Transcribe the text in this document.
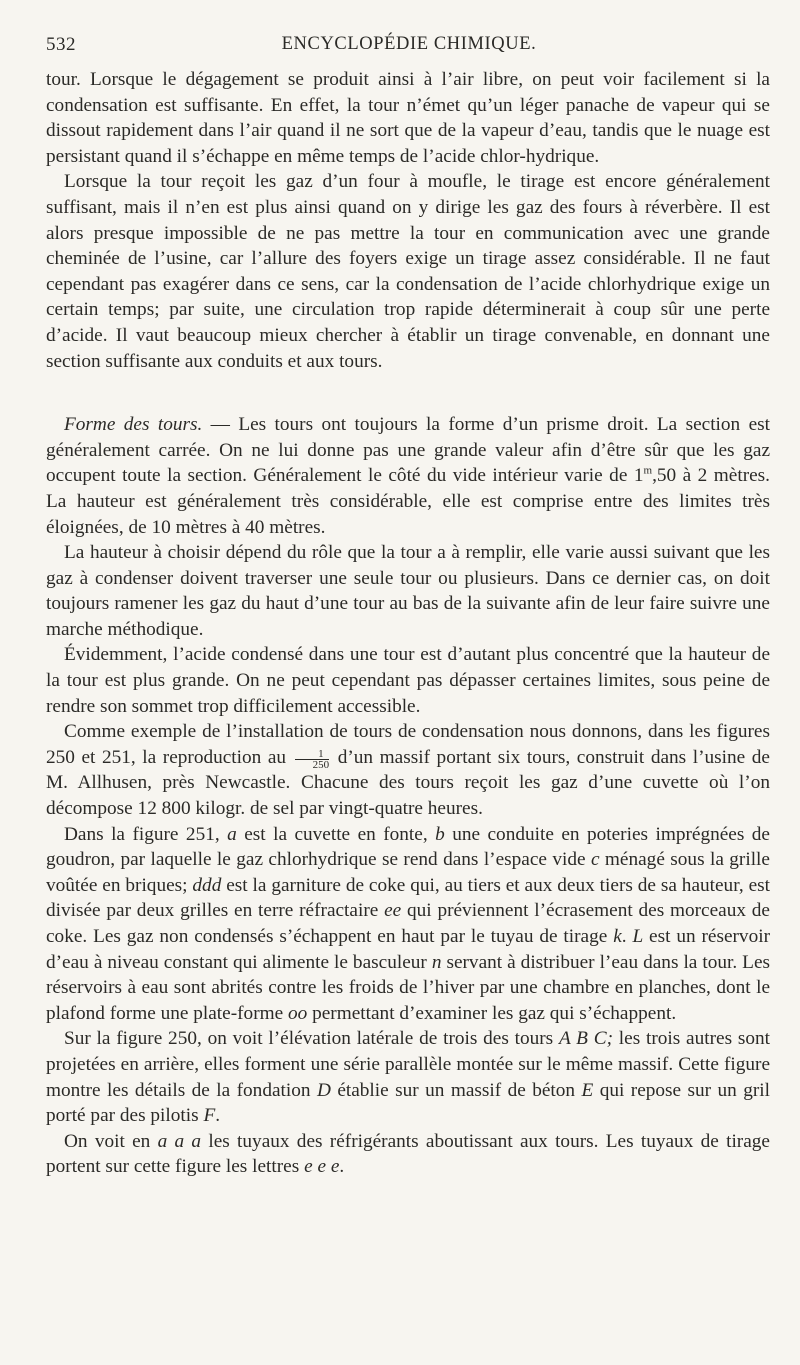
532	ENCYCLOPÉDIE CHIMIQUE.

tour. Lorsque le dégagement se produit ainsi à l’air libre, on peut voir facilement si la condensation est suffisante. En effet, la tour n’émet qu’un léger panache de vapeur qui se dissout rapidement dans l’air quand il ne sort que de la vapeur d’eau, tandis que le nuage est persistant quand il s’échappe en même temps de l’acide chlor-hydrique.

Lorsque la tour reçoit les gaz d’un four à moufle, le tirage est encore généralement suffisant, mais il n’en est plus ainsi quand on y dirige les gaz des fours à réverbère. Il est alors presque impossible de ne pas mettre la tour en communication avec une grande cheminée de l’usine, car l’allure des foyers exige un tirage assez considérable. Il ne faut cependant pas exagérer dans ce sens, car la condensation de l’acide chlorhydrique exige un certain temps; par suite, une circulation trop rapide déterminerait à coup sûr une perte d’acide. Il vaut beaucoup mieux chercher à établir un tirage convenable, en donnant une section suffisante aux conduits et aux tours.

Forme des tours. — Les tours ont toujours la forme d’un prisme droit. La section est généralement carrée. On ne lui donne pas une grande valeur afin d’être sûr que les gaz occupent toute la section. Généralement le côté du vide intérieur varie de 1$^m$,50 à 2 mètres. La hauteur est généralement très considérable, elle est comprise entre des limites très éloignées, de 10 mètres à 40 mètres.

La hauteur à choisir dépend du rôle que la tour a à remplir, elle varie aussi suivant que les gaz à condenser doivent traverser une seule tour ou plusieurs. Dans ce dernier cas, on doit toujours ramener les gaz du haut d’une tour au bas de la suivante afin de leur faire suivre une marche méthodique.

Évidemment, l’acide condensé dans une tour est d’autant plus concentré que la hauteur de la tour est plus grande. On ne peut cependant pas dépasser certaines limites, sous peine de rendre son sommet trop difficilement accessible.

Comme exemple de l’installation de tours de condensation nous donnons, dans les figures 250 et 251, la reproduction au $\frac{1}{250}$ d’un massif portant six tours, construit dans l’usine de M. Allhusen, près Newcastle. Chacune des tours reçoit les gaz d’une cuvette où l’on décompose 12 800 kilogr. de sel par vingt-quatre heures.

Dans la figure 251, a est la cuvette en fonte, b une conduite en poteries imprégnées de goudron, par laquelle le gaz chlorhydrique se rend dans l’espace vide c ménagé sous la grille voûtée en briques; ddd est la garniture de coke qui, au tiers et aux deux tiers de sa hauteur, est divisée par deux grilles en terre réfractaire ee qui préviennent l’écrasement des morceaux de coke. Les gaz non condensés s’échappent en haut par le tuyau de tirage k. L est un réservoir d’eau à niveau constant qui alimente le basculeur n servant à distribuer l’eau dans la tour. Les réservoirs à eau sont abrités contre les froids de l’hiver par une chambre en planches, dont le plafond forme une plate-forme oo permettant d’examiner les gaz qui s’échappent.

Sur la figure 250, on voit l’élévation latérale de trois des tours A B C; les trois autres sont projetées en arrière, elles forment une série parallèle montée sur le même massif. Cette figure montre les détails de la fondation D établie sur un massif de béton E qui repose sur un gril porté par des pilotis F.

On voit en a a a les tuyaux des réfrigérants aboutissant aux tours. Les tuyaux de tirage portent sur cette figure les lettres e e e.
